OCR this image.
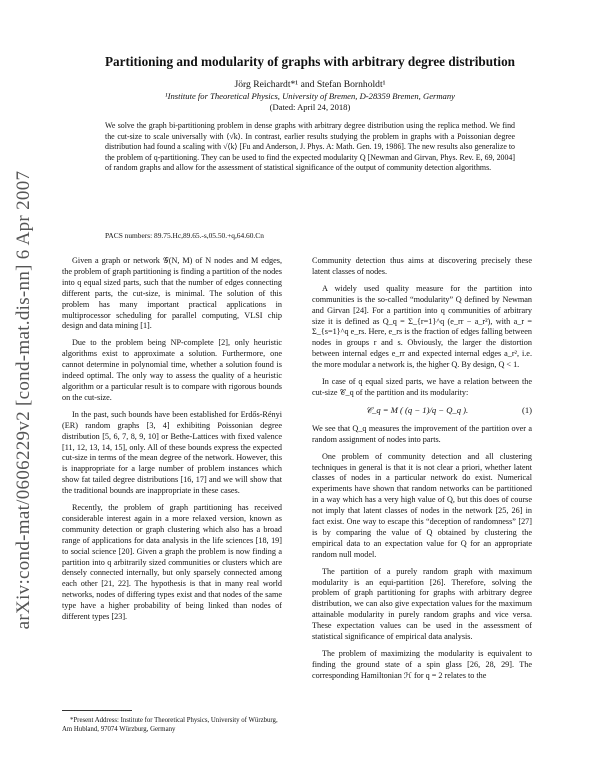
arXiv:cond-mat/0606229v2 [cond-mat.dis-nn] 6 Apr 2007
Partitioning and modularity of graphs with arbitrary degree distribution
Jörg Reichardt*¹ and Stefan Bornholdt¹
¹Institute for Theoretical Physics, University of Bremen, D-28359 Bremen, Germany
(Dated: April 24, 2018)
We solve the graph bi-partitioning problem in dense graphs with arbitrary degree distribution using the replica method. We find the cut-size to scale universally with ⟨√k⟩. In contrast, earlier results studying the problem in graphs with a Poissonian degree distribution had found a scaling with √⟨k⟩ [Fu and Anderson, J. Phys. A: Math. Gen. 19, 1986]. The new results also generalize to the problem of q-partitioning. They can be used to find the expected modularity Q [Newman and Girvan, Phys. Rev. E, 69, 2004] of random graphs and allow for the assessment of statistical significance of the output of community detection algorithms.
PACS numbers: 89.75.Hc,89.65.-s,05.50.+q,64.60.Cn

Given a graph or network 𝒢(N, M) of N nodes and M edges, the problem of graph partitioning is finding a partition of the nodes into q equal sized parts, such that the number of edges connecting different parts, the cut-size, is minimal. The solution of this problem has many important practical applications in multiprocessor scheduling for parallel computing, VLSI chip design and data mining [1].

Due to the problem being NP-complete [2], only heuristic algorithms exist to approximate a solution. Furthermore, one cannot determine in polynomial time, whether a solution found is indeed optimal. The only way to assess the quality of a heuristic algorithm or a particular result is to compare with rigorous bounds on the cut-size.

In the past, such bounds have been established for Erdős-Rényi (ER) random graphs [3, 4] exhibiting Poissonian degree distribution [5, 6, 7, 8, 9, 10] or Bethe-Lattices with fixed valence [11, 12, 13, 14, 15], only. All of these bounds express the expected cut-size in terms of the mean degree of the network. However, this is inappropriate for a large number of problem instances which show fat tailed degree distributions [16, 17] and we will show that the traditional bounds are inappropriate in these cases.

Recently, the problem of graph partitioning has received considerable interest again in a more relaxed version, known as community detection or graph clustering which also has a broad range of applications for data analysis in the life sciences [18, 19] to social science [20]. Given a graph the problem is now finding a partition into q arbitrarily sized communities or clusters which are densely connected internally, but only sparsely connected among each other [21, 22]. The hypothesis is that in many real world networks, nodes of differing types exist and that nodes of the same type have a higher probability of being linked than nodes of different types [23].

Community detection thus aims at discovering precisely these latent classes of nodes.

A widely used quality measure for the partition into communities is the so-called “modularity” Q defined by Newman and Girvan [24]. For a partition into q communities of arbitrary size it is defined as Q_q = Σ_{r=1}^q (e_rr − a_r²), with a_r = Σ_{s=1}^q e_rs. Here, e_rs is the fraction of edges falling between nodes in groups r and s. Obviously, the larger the distortion between internal edges e_rr and expected internal edges a_r², i.e. the more modular a network is, the higher Q. By design, Q < 1.

In case of q equal sized parts, we have a relation between the cut-size 𝒞_q of the partition and its modularity:

𝒞_q = M ( (q − 1)/q − Q_q ).	(1)

We see that Q_q measures the improvement of the partition over a random assignment of nodes into parts.

One problem of community detection and all clustering techniques in general is that it is not clear a priori, whether latent classes of nodes in a particular network do exist. Numerical experiments have shown that random networks can be partitioned in a way which has a very high value of Q, but this does of course not imply that latent classes of nodes in the network [25, 26] in fact exist. One way to escape this “deception of randomness” [27] is by comparing the value of Q obtained by clustering the empirical data to an expectation value for Q for an appropriate random null model.

The partition of a purely random graph with maximum modularity is an equi-partition [26]. Therefore, solving the problem of graph partitioning for graphs with arbitrary degree distribution, we can also give expectation values for the maximum attainable modularity in purely random graphs and vice versa. These expectation values can be used in the assessment of statistical significance of empirical data analysis.

The problem of maximizing the modularity is equivalent to finding the ground state of a spin glass [26, 28, 29]. The corresponding Hamiltonian ℋ for q = 2 relates to the

*Present Address: Institute for Theoretical Physics, University of Würzburg, Am Hubland, 97074 Würzburg, Germany
